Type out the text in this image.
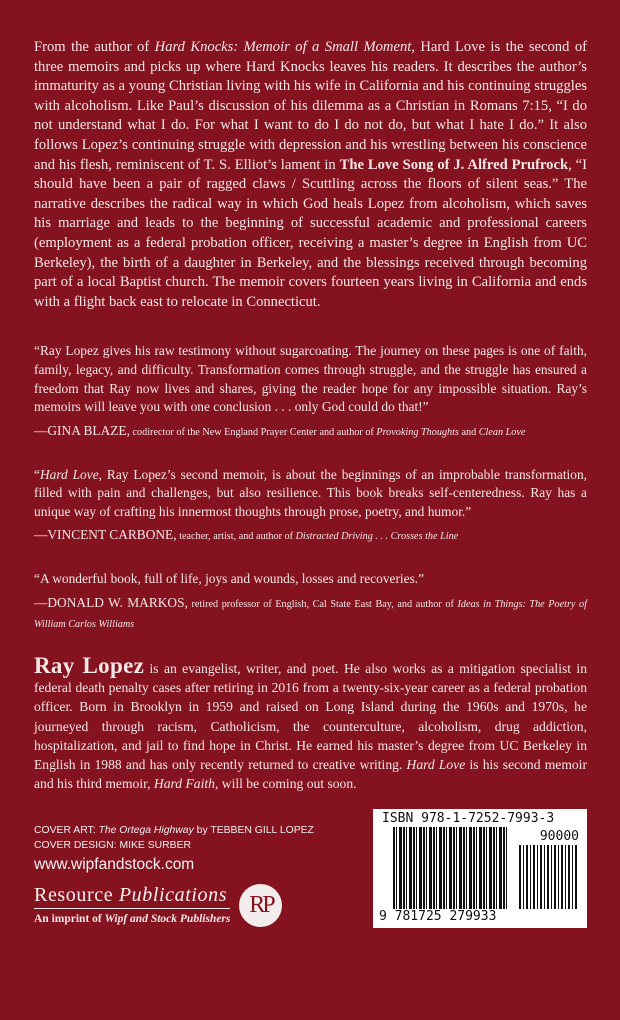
From the author of Hard Knocks: Memoir of a Small Moment, Hard Love is the second of three memoirs and picks up where Hard Knocks leaves his readers. It describes the author’s immaturity as a young Christian living with his wife in California and his continuing struggles with alcoholism. Like Paul’s discussion of his dilemma as a Christian in Romans 7:15, “I do not understand what I do. For what I want to do I do not do, but what I hate I do.” It also follows Lopez’s continuing struggle with depression and his wrestling between his conscience and his flesh, reminiscent of T. S. Elliot’s lament in The Love Song of J. Alfred Prufrock, “I should have been a pair of ragged claws / Scuttling across the floors of silent seas.” The narrative describes the radical way in which God heals Lopez from alcoholism, which saves his marriage and leads to the beginning of successful academic and professional careers (employment as a federal probation officer, receiving a master’s degree in English from UC Berkeley), the birth of a daughter in Berkeley, and the blessings received through becoming part of a local Baptist church. The memoir covers fourteen years living in California and ends with a flight back east to relocate in Connecticut.
“Ray Lopez gives his raw testimony without sugarcoating. The journey on these pages is one of faith, family, legacy, and difficulty. Transformation comes through struggle, and the struggle has ensured a freedom that Ray now lives and shares, giving the reader hope for any impossible situation. Ray’s memoirs will leave you with one conclusion . . . only God could do that!”
—GINA BLAZE, codirector of the New England Prayer Center and author of Provoking Thoughts and Clean Love
“Hard Love, Ray Lopez’s second memoir, is about the beginnings of an improbable transformation, filled with pain and challenges, but also resilience. This book breaks self-centeredness. Ray has a unique way of crafting his innermost thoughts through prose, poetry, and humor.”
—VINCENT CARBONE, teacher, artist, and author of Distracted Driving . . . Crosses the Line
“A wonderful book, full of life, joys and wounds, losses and recoveries.”
—DONALD W. MARKOS, retired professor of English, Cal State East Bay, and author of Ideas in Things: The Poetry of William Carlos Williams
Ray Lopez is an evangelist, writer, and poet. He also works as a mitigation specialist in federal death penalty cases after retiring in 2016 from a twenty-six-year career as a federal probation officer. Born in Brooklyn in 1959 and raised on Long Island during the 1960s and 1970s, he journeyed through racism, Catholicism, the counterculture, alcoholism, drug addiction, hospitalization, and jail to find hope in Christ. He earned his master’s degree from UC Berkeley in English in 1988 and has only recently returned to creative writing. Hard Love is his second memoir and his third memoir, Hard Faith, will be coming out soon.
COVER ART: The Ortega Highway by TEBBEN GILL LOPEZ
COVER DESIGN: MIKE SURBER
www.wipfandstock.com
Resource Publications
An imprint of Wipf and Stock Publishers
RP
ISBN 978-1-7252-7993-3
90000
9 781725 279933
